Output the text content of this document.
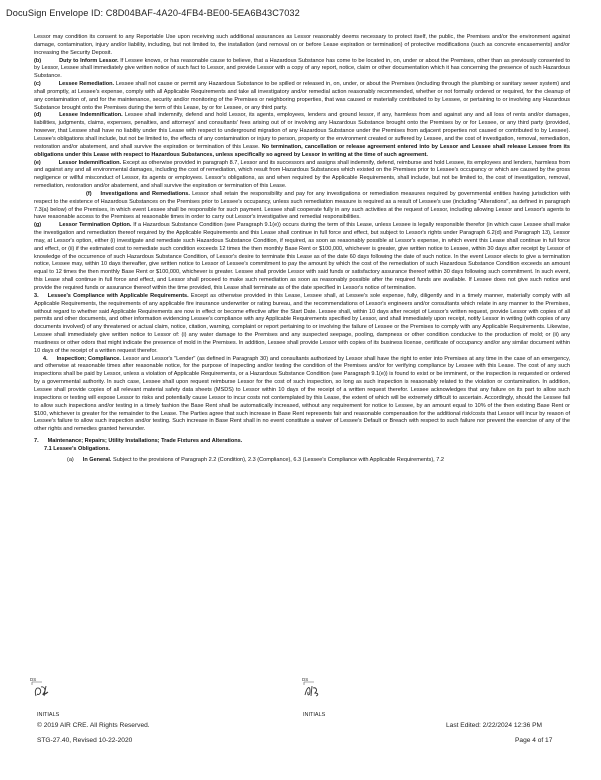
DocuSign Envelope ID: C8D04BAF-4A20-4FB4-BE00-5EA6B43C7032

Lessor may condition its consent to any Reportable Use upon receiving such additional assurances as Lessor reasonably deems necessary to protect itself, the public, the Premises and/or the environment against damage, contamination, injury and/or liability, including, but not limited to, the installation (and removal on or before Lease expiration or termination) of protective modifications (such as concrete encasements) and/or increasing the Security Deposit.

(b)	Duty to Inform Lessor. If Lessee knows, or has reasonable cause to believe, that a Hazardous Substance has come to be located in, on, under or about the Premises, other than as previously consented to by Lessor, Lessee shall immediately give written notice of such fact to Lessor, and provide Lessor with a copy of any report, notice, claim or other documentation which it has concerning the presence of such Hazardous Substance.

(c)	Lessee Remediation. Lessee shall not cause or permit any Hazardous Substance to be spilled or released in, on, under, or about the Premises (including through the plumbing or sanitary sewer system) and shall promptly, at Lessee's expense, comply with all Applicable Requirements and take all investigatory and/or remedial action reasonably recommended, whether or not formally ordered or required, for the cleanup of any contamination of, and for the maintenance, security and/or monitoring of the Premises or neighboring properties, that was caused or materially contributed to by Lessee, or pertaining to or involving any Hazardous Substance brought onto the Premises during the term of this Lease, by or for Lessee, or any third party.

(d)	Lessee Indemnification. Lessee shall indemnify, defend and hold Lessor, its agents, employees, lenders and ground lessor, if any, harmless from and against any and all loss of rents and/or damages, liabilities, judgments, claims, expenses, penalties, and attorneys' and consultants' fees arising out of or involving any Hazardous Substance brought onto the Premises by or for Lessee, or any third party (provided, however, that Lessee shall have no liability under this Lease with respect to underground migration of any Hazardous Substance under the Premises from adjacent properties not caused or contributed to by Lessee). Lessee's obligations shall include, but not be limited to, the effects of any contamination or injury to person, property or the environment created or suffered by Lessee, and the cost of investigation, removal, remediation, restoration and/or abatement, and shall survive the expiration or termination of this Lease. No termination, cancellation or release agreement entered into by Lessor and Lessee shall release Lessee from its obligations under this Lease with respect to Hazardous Substances, unless specifically so agreed by Lessor in writing at the time of such agreement.

(e)	Lessor Indemnification. Except as otherwise provided in paragraph 8.7, Lessor and its successors and assigns shall indemnify, defend, reimburse and hold Lessee, its employees and lenders, harmless from and against any and all environmental damages, including the cost of remediation, which result from Hazardous Substances which existed on the Premises prior to Lessee's occupancy or which are caused by the gross negligence or willful misconduct of Lessor, its agents or employees. Lessor's obligations, as and when required by the Applicable Requirements, shall include, but not be limited to, the cost of investigation, removal, remediation, restoration and/or abatement, and shall survive the expiration or termination of this Lease.

(f) Investigations and Remediations. Lessor shall retain the responsibility and pay for any investigations or remediation measures required by governmental entities having jurisdiction with respect to the existence of Hazardous Substances on the Premises prior to Lessee's occupancy, unless such remediation measure is required as a result of Lessee's use (including "Alterations", as defined in paragraph 7.3(a) below) of the Premises, in which event Lessee shall be responsible for such payment. Lessee shall cooperate fully in any such activities at the request of Lessor, including allowing Lessor and Lessor's agents to have reasonable access to the Premises at reasonable times in order to carry out Lessor's investigative and remedial responsibilities.

(g)	Lessor Termination Option. If a Hazardous Substance Condition (see Paragraph 9.1(e)) occurs during the term of this Lease, unless Lessee is legally responsible therefor (in which case Lessee shall make the investigation and remediation thereof required by the Applicable Requirements and this Lease shall continue in full force and effect, but subject to Lessor's rights under Paragraph 6.2(d) and Paragraph 13), Lessor may, at Lessor's option, either (i) investigate and remediate such Hazardous Substance Condition, if required, as soon as reasonably possible at Lessor's expense, in which event this Lease shall continue in full force and effect, or (ii) if the estimated cost to remediate such condition exceeds 12 times the then monthly Base Rent or $100,000, whichever is greater, give written notice to Lessee, within 30 days after receipt by Lessor of knowledge of the occurrence of such Hazardous Substance Condition, of Lessor's desire to terminate this Lease as of the date 60 days following the date of such notice. In the event Lessor elects to give a termination notice, Lessee may, within 10 days thereafter, give written notice to Lessor of Lessee's commitment to pay the amount by which the cost of the remediation of such Hazardous Substance Condition exceeds an amount equal to 12 times the then monthly Base Rent or $100,000, whichever is greater. Lessee shall provide Lessor with said funds or satisfactory assurance thereof within 30 days following such commitment. In such event, this Lease shall continue in full force and effect, and Lessor shall proceed to make such remediation as soon as reasonably possible after the required funds are available. If Lessee does not give such notice and provide the required funds or assurance thereof within the time provided, this Lease shall terminate as of the date specified in Lessor's notice of termination.

3. Lessee's Compliance with Applicable Requirements. Except as otherwise provided in this Lease, Lessee shall, at Lessee's sole expense, fully, diligently and in a timely manner, materially comply with all Applicable Requirements, the requirements of any applicable fire insurance underwriter or rating bureau, and the recommendations of Lessor's engineers and/or consultants which relate in any manner to the Premises, without regard to whether said Applicable Requirements are now in effect or become effective after the Start Date. Lessee shall, within 10 days after receipt of Lessor's written request, provide Lessor with copies of all permits and other documents, and other information evidencing Lessee's compliance with any Applicable Requirements specified by Lessor, and shall immediately upon receipt, notify Lessor in writing (with copies of any documents involved) of any threatened or actual claim, notice, citation, warning, complaint or report pertaining to or involving the failure of Lessee or the Premises to comply with any Applicable Requirements. Likewise, Lessee shall immediately give written notice to Lessor of: (i) any water damage to the Premises and any suspected seepage, pooling, dampness or other condition conducive to the production of mold; or (ii) any mustiness or other odors that might indicate the presence of mold in the Premises. In addition, Lessee shall provide Lessor with copies of its business license, certificate of occupancy and/or any similar document within 10 days of the receipt of a written request therefor.

4. Inspection; Compliance. Lessor and Lessor's "Lender" (as defined in Paragraph 30) and consultants authorized by Lessor shall have the right to enter into Premises at any time in the case of an emergency, and otherwise at reasonable times after reasonable notice, for the purpose of inspecting and/or testing the condition of the Premises and/or for verifying compliance by Lessee with this Lease. The cost of any such inspections shall be paid by Lessor, unless a violation of Applicable Requirements, or a Hazardous Substance Condition (see Paragraph 9.1(e)) is found to exist or be imminent, or the inspection is requested or ordered by a governmental authority. In such case, Lessee shall upon request reimburse Lessor for the cost of such inspection, so long as such inspection is reasonably related to the violation or contamination. In addition, Lessee shall provide copies of all relevant material safety data sheets (MSDS) to Lessor within 10 days of the receipt of a written request therefor. Lessee acknowledges that any failure on its part to allow such inspections or testing will expose Lessor to risks and potentially cause Lessor to incur costs not contemplated by this Lease, the extent of which will be extremely difficult to ascertain. Accordingly, should the Lessee fail to allow such inspections and/or testing in a timely fashion the Base Rent shall be automatically increased, without any requirement for notice to Lessee, by an amount equal to 10% of the then existing Base Rent or $100, whichever is greater for the remainder to the Lease. The Parties agree that such increase in Base Rent represents fair and reasonable compensation for the additional risk/costs that Lessor will incur by reason of Lessee's failure to allow such inspection and/or testing. Such increase in Base Rent shall in no event constitute a waiver of Lessee's Default or Breach with respect to such failure nor prevent the exercise of any of the other rights and remedies granted hereunder.

7. Maintenance; Repairs; Utility Installations; Trade Fixtures and Alterations.

7.1 Lessee's Obligations.

(a) In General. Subject to the provisions of Paragraph 2.2 (Condition), 2.3 (Compliance), 6.3 (Lessee's Compliance with Applicable Requirements), 7.2

DS	DS
INITIALS	INITIALS
© 2019 AIR CRE. All Rights Reserved.
STG-27.40, Revised 10-22-2020
Last Edited: 2/22/2024 12:36 PM
Page 4 of 17
